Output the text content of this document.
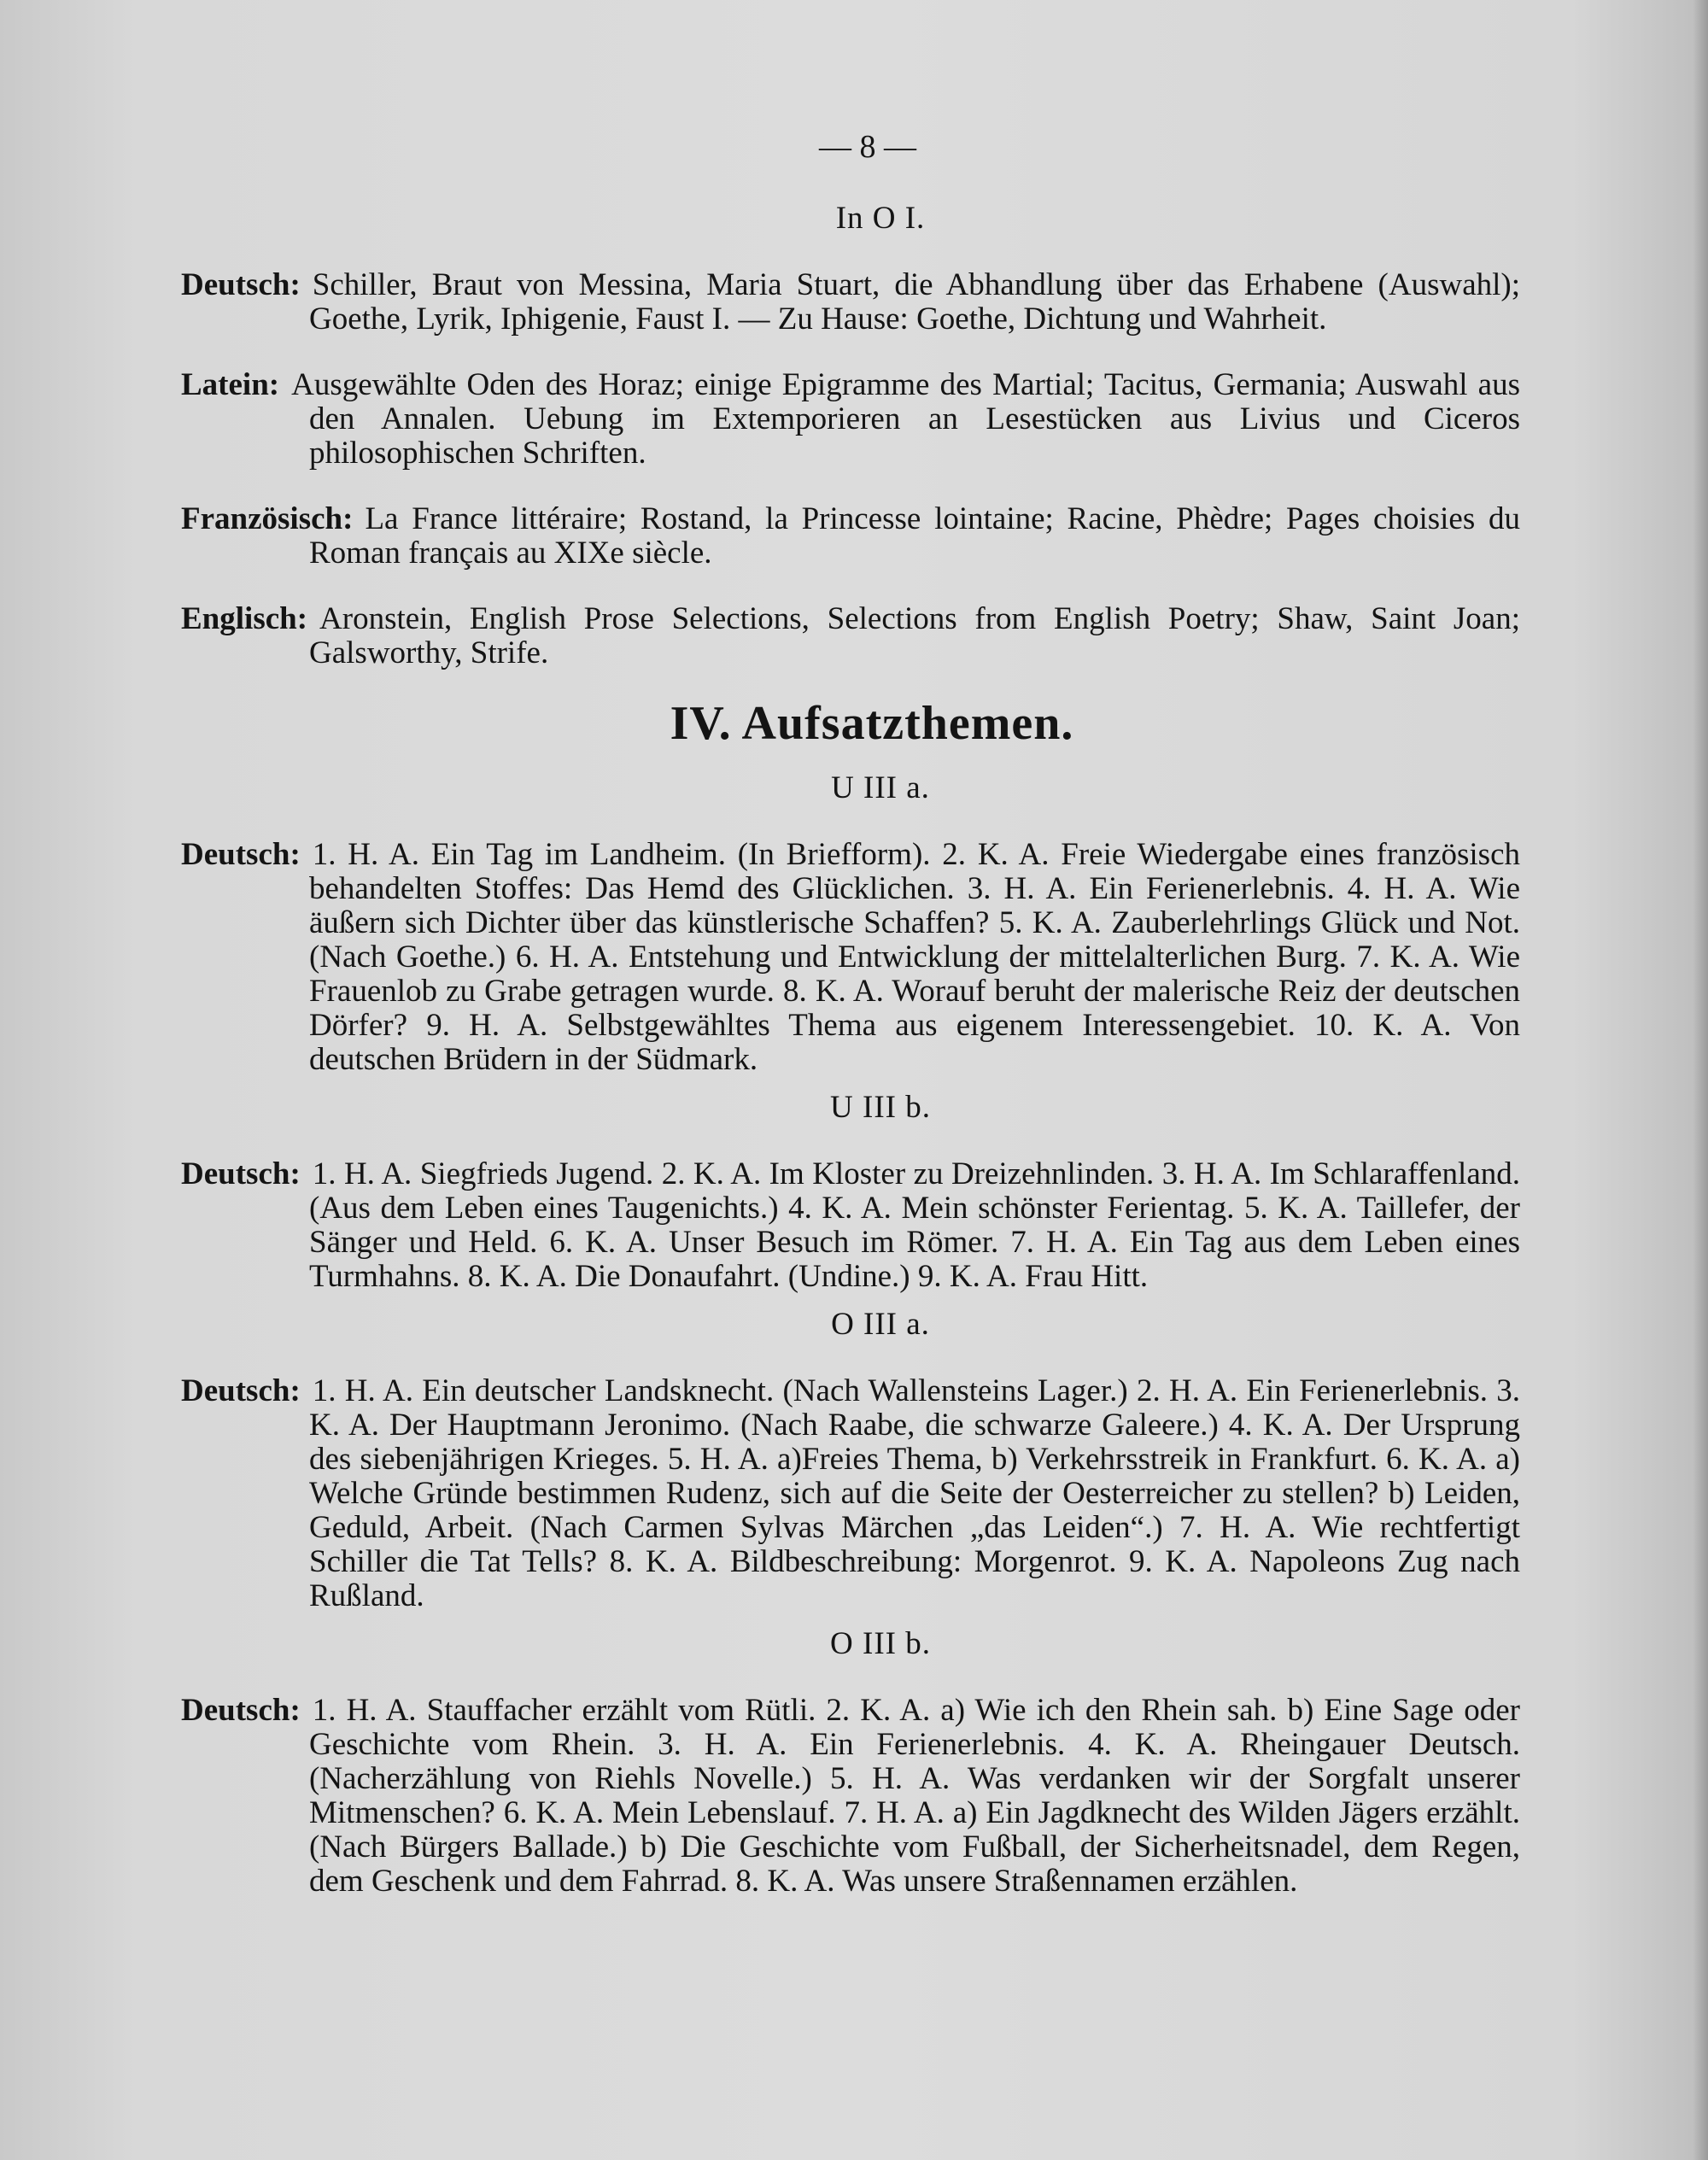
— 8 —
In O I.

Deutsch: Schiller, Braut von Messina, Maria Stuart, die Abhandlung über das Erhabene (Auswahl); Goethe, Lyrik, Iphigenie, Faust I. — Zu Hause: Goethe, Dichtung und Wahrheit.

Latein: Ausgewählte Oden des Horaz; einige Epigramme des Martial; Tacitus, Germania; Auswahl aus den Annalen. Uebung im Extemporieren an Lesestücken aus Livius und Ciceros philosophischen Schriften.

Französisch: La France littéraire; Rostand, la Princesse lointaine; Racine, Phèdre; Pages choisies du Roman français au XIXe siècle.

Englisch: Aronstein, English Prose Selections, Selections from English Poetry; Shaw, Saint Joan; Galsworthy, Strife.

IV. Aufsatzthemen.
U III a.

Deutsch: 1. H. A. Ein Tag im Landheim. (In Briefform). 2. K. A. Freie Wiedergabe eines französisch behandelten Stoffes: Das Hemd des Glücklichen. 3. H. A. Ein Ferienerlebnis. 4. H. A. Wie äußern sich Dichter über das künstlerische Schaffen? 5. K. A. Zauberlehrlings Glück und Not. (Nach Goethe.) 6. H. A. Entstehung und Entwicklung der mittelalterlichen Burg. 7. K. A. Wie Frauenlob zu Grabe getragen wurde. 8. K. A. Worauf beruht der malerische Reiz der deutschen Dörfer? 9. H. A. Selbstgewähltes Thema aus eigenem Interessengebiet. 10. K. A. Von deutschen Brüdern in der Südmark.

U III b.

Deutsch: 1. H. A. Siegfrieds Jugend. 2. K. A. Im Kloster zu Dreizehnlinden. 3. H. A. Im Schlaraffenland. (Aus dem Leben eines Taugenichts.) 4. K. A. Mein schönster Ferientag. 5. K. A. Taillefer, der Sänger und Held. 6. K. A. Unser Besuch im Römer. 7. H. A. Ein Tag aus dem Leben eines Turmhahns. 8. K. A. Die Donaufahrt. (Undine.) 9. K. A. Frau Hitt.

O III a.

Deutsch: 1. H. A. Ein deutscher Landsknecht. (Nach Wallensteins Lager.) 2. H. A. Ein Ferienerlebnis. 3. K. A. Der Hauptmann Jeronimo. (Nach Raabe, die schwarze Galeere.) 4. K. A. Der Ursprung des siebenjährigen Krieges. 5. H. A. a)Freies Thema, b) Verkehrsstreik in Frankfurt. 6. K. A. a) Welche Gründe bestimmen Rudenz, sich auf die Seite der Oesterreicher zu stellen? b) Leiden, Geduld, Arbeit. (Nach Carmen Sylvas Märchen „das Leiden“.) 7. H. A. Wie rechtfertigt Schiller die Tat Tells? 8. K. A. Bildbeschreibung: Morgenrot. 9. K. A. Napoleons Zug nach Rußland.

O III b.

Deutsch: 1. H. A. Stauffacher erzählt vom Rütli. 2. K. A. a) Wie ich den Rhein sah. b) Eine Sage oder Geschichte vom Rhein. 3. H. A. Ein Ferienerlebnis. 4. K. A. Rheingauer Deutsch. (Nacherzählung von Riehls Novelle.) 5. H. A. Was verdanken wir der Sorgfalt unserer Mitmenschen? 6. K. A. Mein Lebenslauf. 7. H. A. a) Ein Jagdknecht des Wilden Jägers erzählt. (Nach Bürgers Ballade.) b) Die Geschichte vom Fußball, der Sicherheitsnadel, dem Regen, dem Geschenk und dem Fahrrad. 8. K. A. Was unsere Straßennamen erzählen.
